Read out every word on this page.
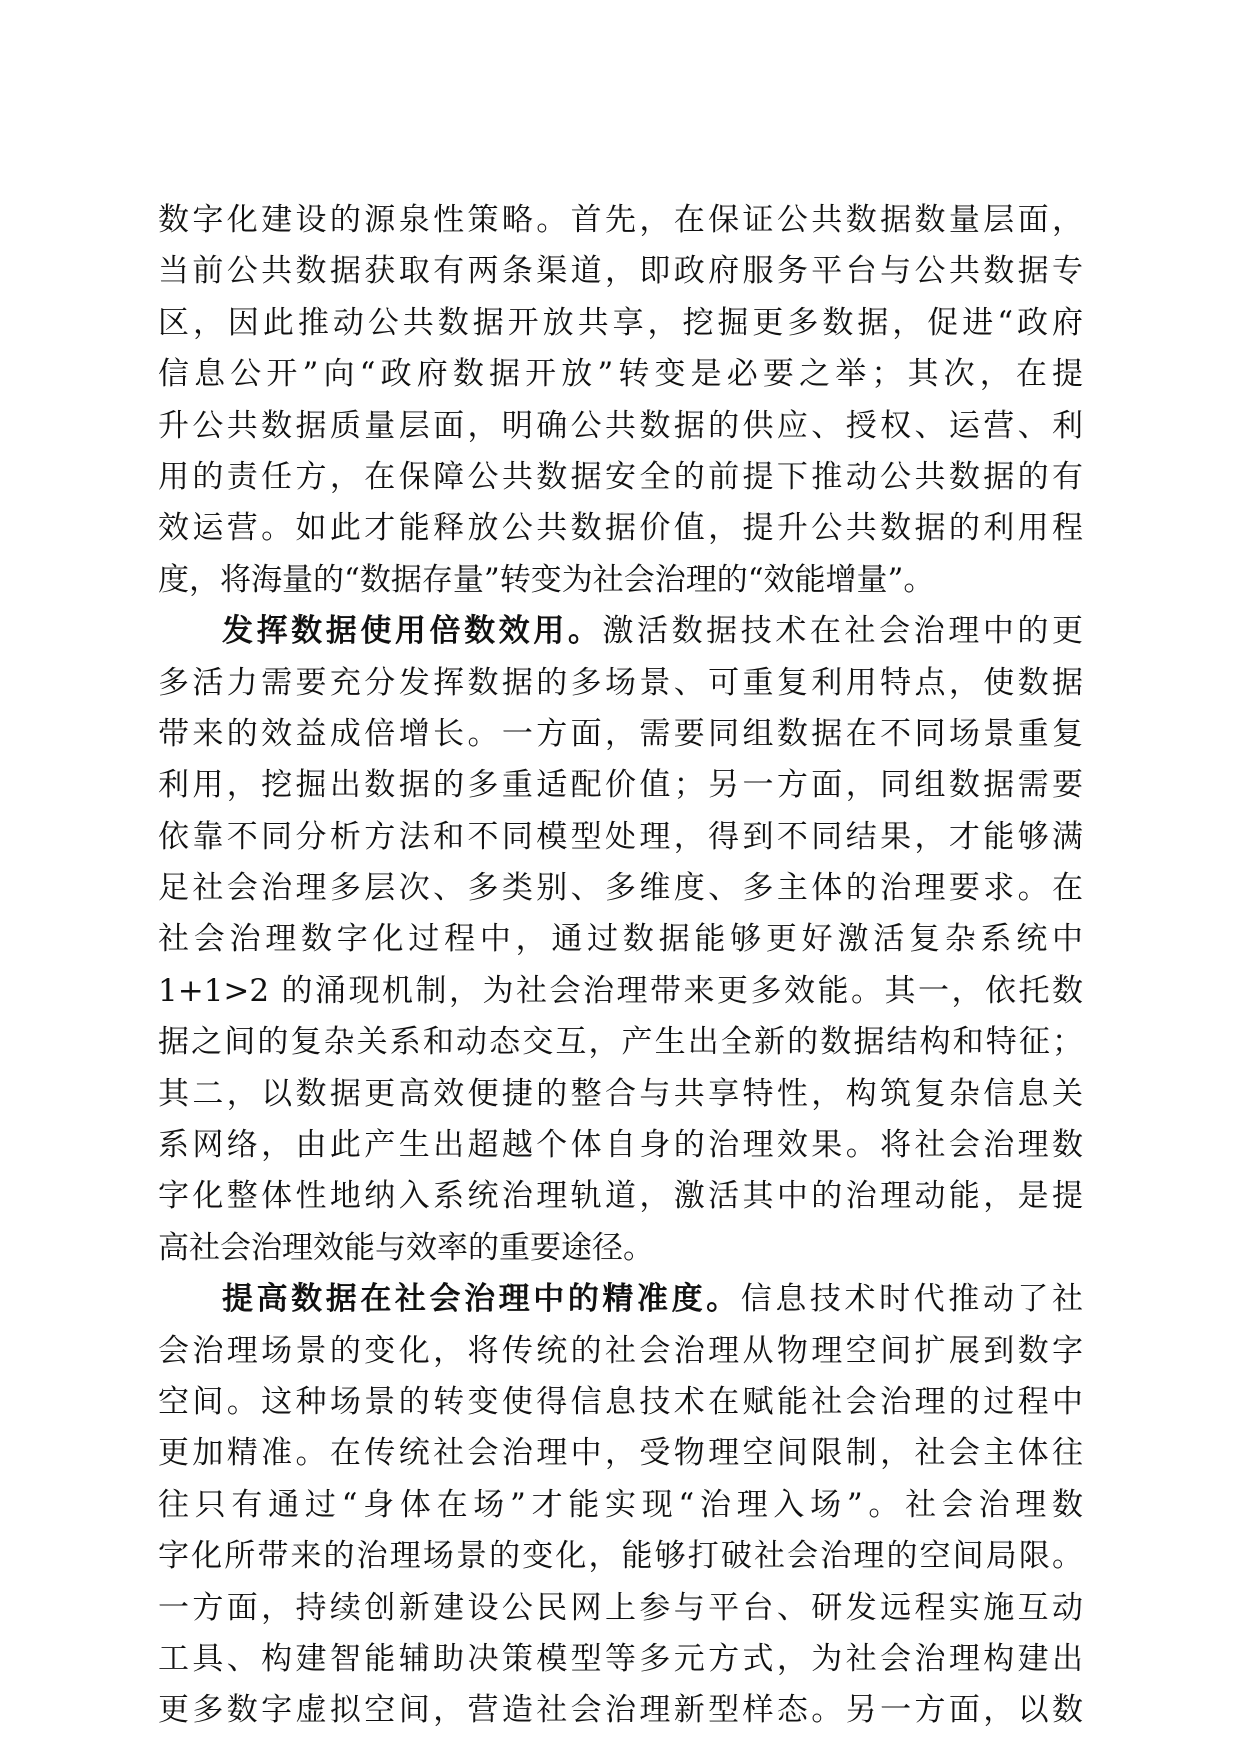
数字化建设的源泉性策略。首先，在保证公共数据数量层面，
当前公共数据获取有两条渠道，即政府服务平台与公共数据专
区，因此推动公共数据开放共享，挖掘更多数据，促进“政府
信息公开”向“政府数据开放”转变是必要之举；其次，在提
升公共数据质量层面，明确公共数据的供应、授权、运营、利
用的责任方，在保障公共数据安全的前提下推动公共数据的有
效运营。如此才能释放公共数据价值，提升公共数据的利用程
度，将海量的“数据存量”转变为社会治理的“效能增量”。
发挥数据使用倍数效用。激活数据技术在社会治理中的更
多活力需要充分发挥数据的多场景、可重复利用特点，使数据
带来的效益成倍增长。一方面，需要同组数据在不同场景重复
利用，挖掘出数据的多重适配价值；另一方面，同组数据需要
依靠不同分析方法和不同模型处理，得到不同结果，才能够满
足社会治理多层次、多类别、多维度、多主体的治理要求。在
社会治理数字化过程中，通过数据能够更好激活复杂系统中
1+1>2 的涌现机制，为社会治理带来更多效能。其一，依托数
据之间的复杂关系和动态交互，产生出全新的数据结构和特征；
其二，以数据更高效便捷的整合与共享特性，构筑复杂信息关
系网络，由此产生出超越个体自身的治理效果。将社会治理数
字化整体性地纳入系统治理轨道，激活其中的治理动能，是提
高社会治理效能与效率的重要途径。
提高数据在社会治理中的精准度。信息技术时代推动了社
会治理场景的变化，将传统的社会治理从物理空间扩展到数字
空间。这种场景的转变使得信息技术在赋能社会治理的过程中
更加精准。在传统社会治理中，受物理空间限制，社会主体往
往只有通过“身体在场”才能实现“治理入场”。社会治理数
字化所带来的治理场景的变化，能够打破社会治理的空间局限。
一方面，持续创新建设公民网上参与平台、研发远程实施互动
工具、构建智能辅助决策模型等多元方式，为社会治理构建出
更多数字虚拟空间，营造社会治理新型样态。另一方面，以数
